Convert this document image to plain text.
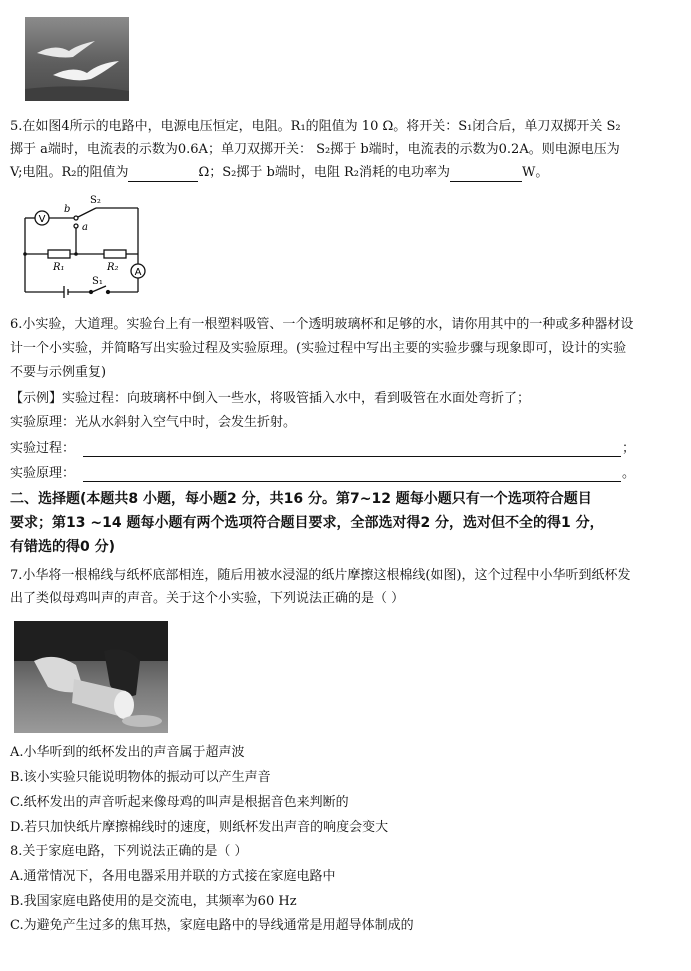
5.在如图4所示的电路中，电源电压恒定，电阻。R₁的阻值为 10 Ω。将开关：S₁闭合后，单刀双掷开关 S₂
掷于 a端时，电流表的示数为0.6A；单刀双掷开关： S₂掷于 b端时，电流表的示数为0.2A。则电源电压为
V;电阻。R₂的阻值为	Ω；S₂掷于 b端时，电阻 R₂消耗的电功率为	W。
V
b
S₂
a
R₁	R₂ A
S₁
6.小实验，大道理。实验台上有一根塑料吸管、一个透明玻璃杯和足够的水，请你用其中的一种或多种器材设
计一个小实验，并简略写出实验过程及实验原理。(实验过程中写出主要的实验步骤与现象即可，设计的实验
不要与示例重复)
【示例】实验过程：向玻璃杯中倒入一些水，将吸管插入水中，看到吸管在水面处弯折了；
实验原理：光从水斜射入空气中时，会发生折射。
实验过程：	；
实验原理：	。
二、选择题(本题共8 小题，每小题2 分，共16 分。第7~12 题每小题只有一个选项符合题目
要求；第13 ~14 题每小题有两个选项符合题目要求，全部选对得2 分，选对但不全的得1 分，
有错选的得0 分)
7.小华将一根棉线与纸杯底部相连，随后用被水浸湿的纸片摩擦这根棉线(如图)，这个过程中小华听到纸杯发
出了类似母鸡叫声的声音。关于这个小实验，下列说法正确的是（ ）
A.小华听到的纸杯发出的声音属于超声波
B.该小实验只能说明物体的振动可以产生声音
C.纸杯发出的声音听起来像母鸡的叫声是根据音色来判断的
D.若只加快纸片摩擦棉线时的速度，则纸杯发出声音的响度会变大
8.关于家庭电路，下列说法正确的是（ ）
A.通常情况下，各用电器采用并联的方式接在家庭电路中
B.我国家庭电路使用的是交流电，其频率为60 Hz
C.为避免产生过多的焦耳热，家庭电路中的导线通常是用超导体制成的
